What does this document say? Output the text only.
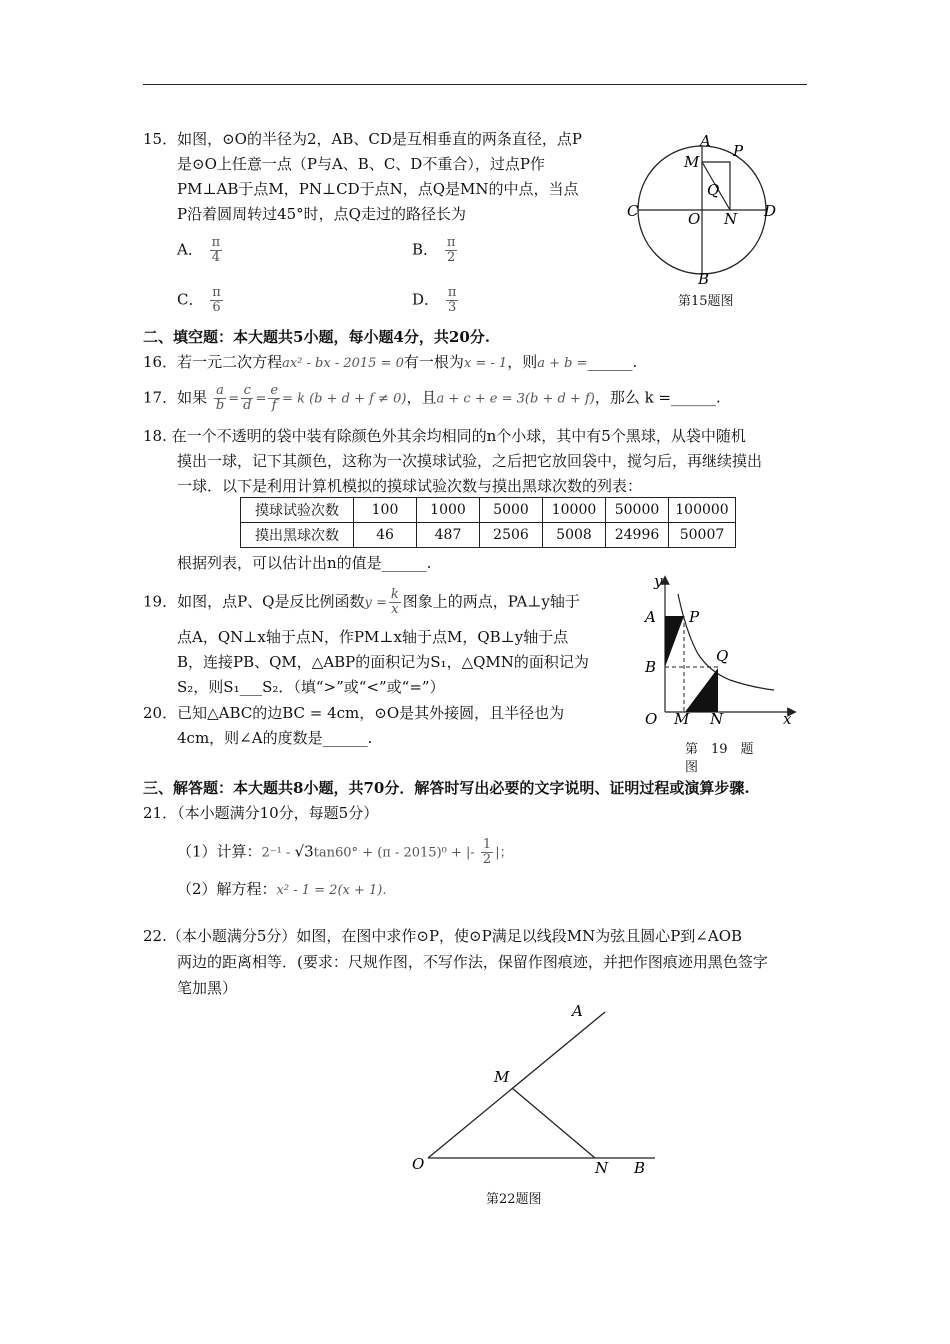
15．如图，⊙O的半径为2，AB、CD是互相垂直的两条直径，点P
是⊙O上任意一点（P与A、B、C、D不重合），过点P作
PM⊥AB于点M，PN⊥CD于点N，点Q是MN的中点，当点
P沿着圆周转过45°时，点Q走过的路径长为
A． $\frac{\pi}{4}$	B． $\frac{\pi}{2}$
C． $\frac{\pi}{6}$	D． $\frac{\pi}{3}$
A
P
M
Q
C	O N D
B
第15题图
二、填空题：本大题共5小题，每小题4分，共20分.
16．若一元二次方程ax² - bx - 2015 = 0有一根为x = - 1，则a + b =______.
17．如果 $\frac{a}{b} = \frac{c}{d} = \frac{e}{f} = k$ (b + d + f ≠ 0)，且a + c + e = 3(b + d + f)，那么 k =______.
18. 在一个不透明的袋中装有除颜色外其余均相同的n个小球，其中有5个黑球，从袋中随机
摸出一球，记下其颜色，这称为一次摸球试验，之后把它放回袋中，搅匀后，再继续摸出
一球．以下是利用计算机模拟的摸球试验次数与摸出黑球次数的列表：
摸球试验次数	100	1000	5000	10000	50000	100000
摸出黑球次数	46	487	2506	5008	24996	50007
根据列表，可以估计出n的值是______.
19．如图，点P、Q是反比例函数$y = \frac{k}{x}$ 图象上的两点，PA⊥y轴于
点A，QN⊥x轴于点N，作PM⊥x轴于点M，QB⊥y轴于点
B，连接PB、QM，△ABP的面积记为S₁，△QMN的面积记为
S₂，则S₁___S₂．（填“>”或“<”或“=”）
y
A P
Q
B
O M N	x
第　19　题
图
20．已知△ABC的边BC = 4cm，⊙O是其外接圆，且半径也为
4cm，则∠A的度数是______.
三、解答题：本大题共8小题，共70分．解答时写出必要的文字说明、证明过程或演算步骤.
21．（本小题满分10分，每题5分）
（1）计算：2⁻¹ - √3tan60° + (π - 2015)⁰ + |- $\frac{1}{2}$ |；
（2）解方程：x² - 1 = 2(x + 1).
22.（本小题满分5分）如图，在图中求作⊙P，使⊙P满足以线段MN为弦且圆心P到∠AOB
两边的距离相等．(要求：尺规作图，不写作法，保留作图痕迹，并把作图痕迹用黑色签字
笔加黑）
A
M
O	N B
第22题图
